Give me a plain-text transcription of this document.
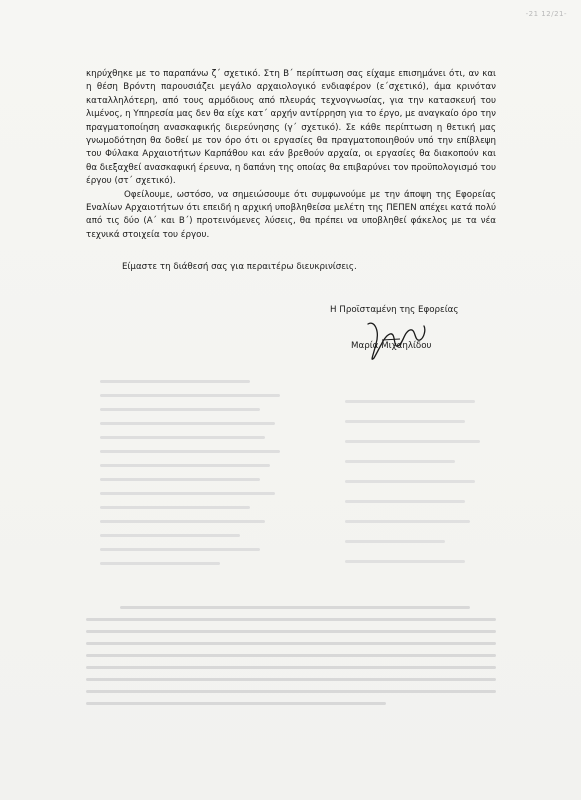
-21 12/21-

κηρύχθηκε με το παραπάνω ζ΄ σχετικό. Στη Β΄ περίπτωση σας είχαμε επισημάνει ότι, αν και η θέση Βρόντη παρουσιάζει μεγάλο αρχαιολογικό ενδιαφέρον (ε΄σχετικό), άμα κρινόταν καταλληλότερη, από τους αρμόδιους από πλευράς τεχνογνωσίας, για την κατασκευή του λιμένος, η Υπηρεσία μας δεν θα είχε κατ΄ αρχήν αντίρρηση για το έργο, με αναγκαίο όρο την πραγματοποίηση ανασκαφικής διερεύνησης (γ΄ σχετικό). Σε κάθε περίπτωση η θετική μας γνωμοδότηση θα δοθεί με τον όρο ότι οι εργασίες θα πραγματοποιηθούν υπό την επίβλεψη του Φύλακα Αρχαιοτήτων Καρπάθου και εάν βρεθούν αρχαία, οι εργασίες θα διακοπούν και θα διεξαχθεί ανασκαφική έρευνα, η δαπάνη της οποίας θα επιβαρύνει τον προϋπολογισμό του έργου (στ΄ σχετικό).

Οφείλουμε, ωστόσο, να σημειώσουμε ότι συμφωνούμε με την άποψη της Εφορείας Εναλίων Αρχαιοτήτων ότι επειδή η αρχική υποβληθείσα μελέτη της ΠΕΠΕΝ απέχει κατά πολύ από τις δύο (Α΄ και Β΄) προτεινόμενες λύσεις, θα πρέπει να υποβληθεί φάκελος με τα νέα τεχνικά στοιχεία του έργου.

Είμαστε τη διάθεσή σας για περαιτέρω διευκρινίσεις.
Η Προϊσταμένη της Εφορείας
Μαρία Μιχαηλίδου
